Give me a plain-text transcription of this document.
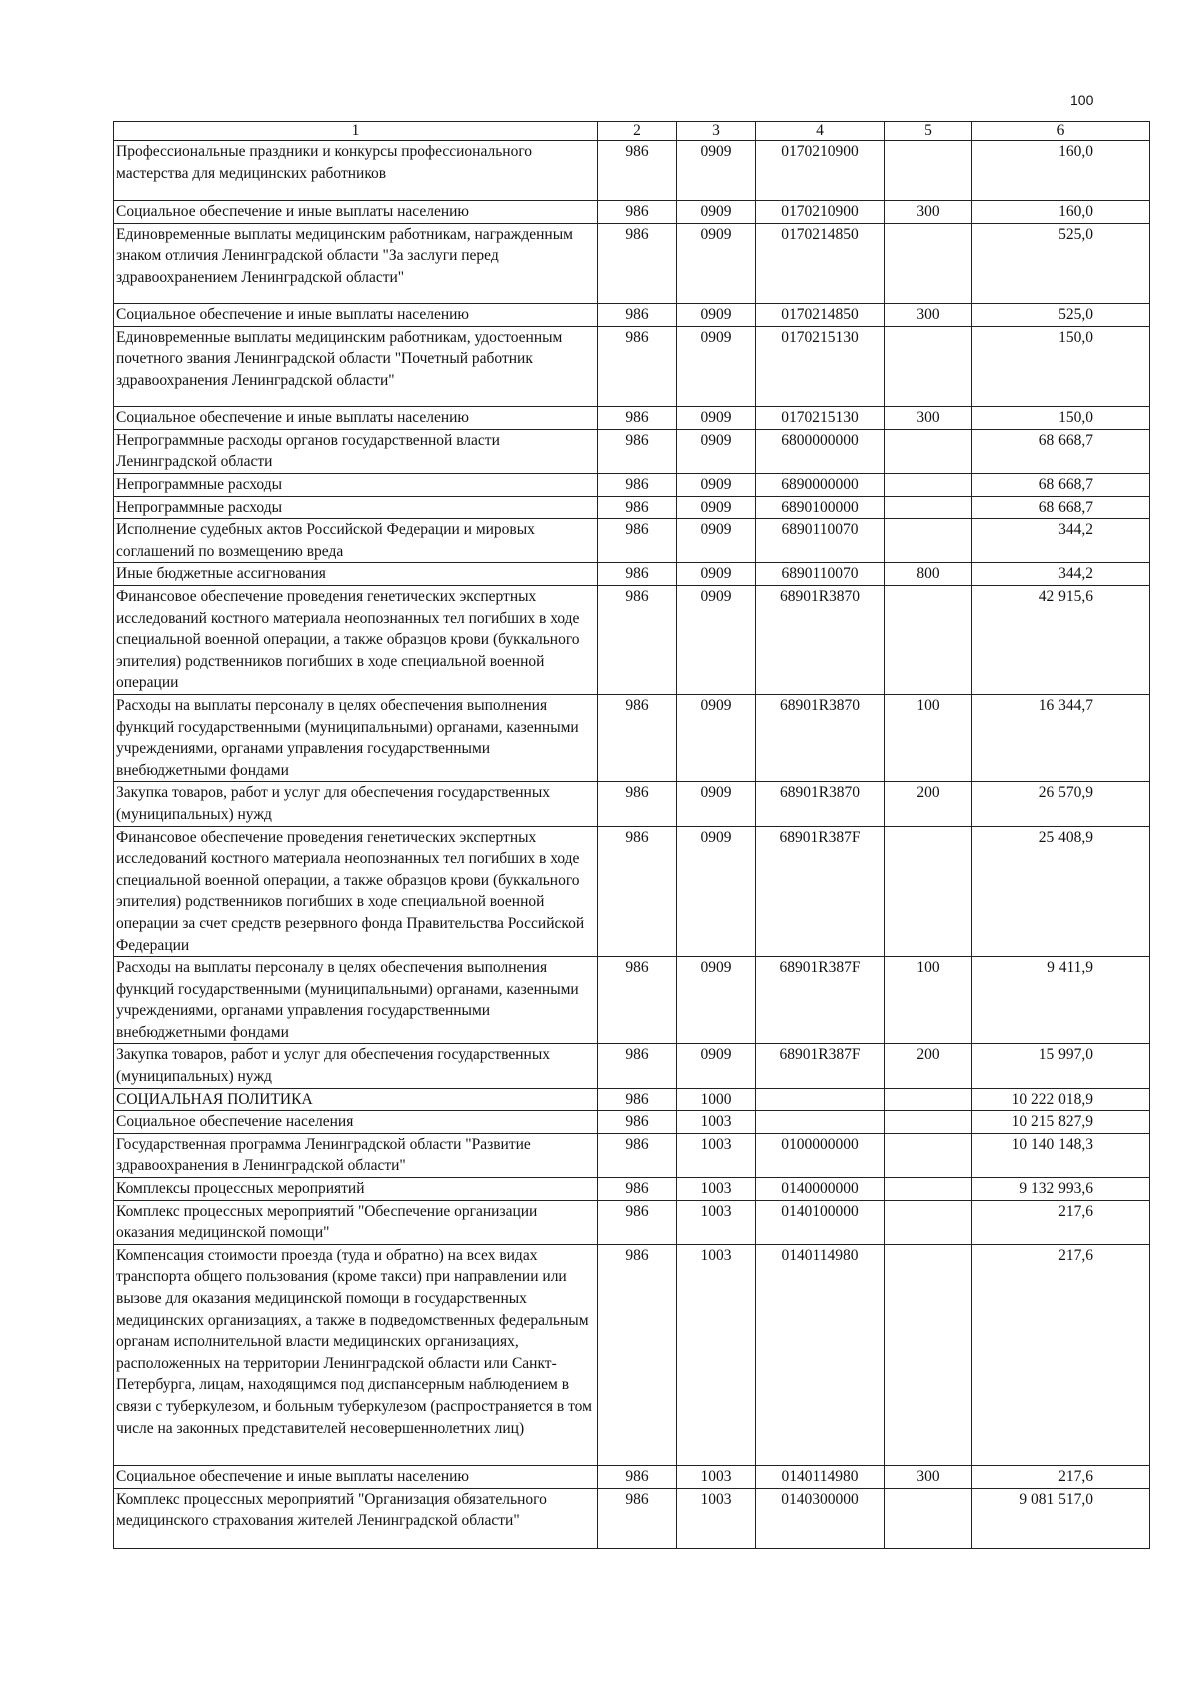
100
1	2	3	4	5	6
Профессиональные праздники и конкурсы профессионального мастерства для медицинских работников	986	0909	0170210900		160,0
Социальное обеспечение и иные выплаты населению	986	0909	0170210900	300	160,0
Единовременные выплаты медицинским работникам, награжденным знаком отличия Ленинградской области "За заслуги перед здравоохранением Ленинградской области"	986	0909	0170214850		525,0
Социальное обеспечение и иные выплаты населению	986	0909	0170214850	300	525,0
Единовременные выплаты медицинским работникам, удостоенным почетного звания Ленинградской области "Почетный работник здравоохранения Ленинградской области"	986	0909	0170215130		150,0
Социальное обеспечение и иные выплаты населению	986	0909	0170215130	300	150,0
Непрограммные расходы органов государственной власти Ленинградской области	986	0909	6800000000		68 668,7
Непрограммные расходы	986	0909	6890000000		68 668,7
Непрограммные расходы	986	0909	6890100000		68 668,7
Исполнение судебных актов Российской Федерации и мировых соглашений по возмещению вреда	986	0909	6890110070		344,2
Иные бюджетные ассигнования	986	0909	6890110070	800	344,2
Финансовое обеспечение проведения генетических экспертных исследований костного материала неопознанных тел погибших в ходе специальной военной операции, а также образцов крови (буккального эпителия) родственников погибших в ходе специальной военной операции	986	0909	68901R3870		42 915,6
Расходы на выплаты персоналу в целях обеспечения выполнения функций государственными (муниципальными) органами, казенными учреждениями, органами управления государственными внебюджетными фондами	986	0909	68901R3870	100	16 344,7
Закупка товаров, работ и услуг для обеспечения государственных (муниципальных) нужд	986	0909	68901R3870	200	26 570,9
Финансовое обеспечение проведения генетических экспертных исследований костного материала неопознанных тел погибших в ходе специальной военной операции, а также образцов крови (буккального эпителия) родственников погибших в ходе специальной военной операции за счет средств резервного фонда Правительства Российской Федерации	986	0909	68901R387F		25 408,9
Расходы на выплаты персоналу в целях обеспечения выполнения функций государственными (муниципальными) органами, казенными учреждениями, органами управления государственными внебюджетными фондами	986	0909	68901R387F	100	9 411,9
Закупка товаров, работ и услуг для обеспечения государственных (муниципальных) нужд	986	0909	68901R387F	200	15 997,0
СОЦИАЛЬНАЯ ПОЛИТИКА	986	1000			10 222 018,9
Социальное обеспечение населения	986	1003			10 215 827,9
Государственная программа Ленинградской области "Развитие здравоохранения в Ленинградской области"	986	1003	0100000000		10 140 148,3
Комплексы процессных мероприятий	986	1003	0140000000		9 132 993,6
Комплекс процессных мероприятий "Обеспечение организации оказания медицинской помощи"	986	1003	0140100000		217,6
Компенсация стоимости проезда (туда и обратно) на всех видах транспорта общего пользования (кроме такси) при направлении или вызове для оказания медицинской помощи в государственных медицинских организациях, а также в подведомственных федеральным органам исполнительной власти медицинских организациях, расположенных на территории Ленинградской области или Санкт-Петербурга, лицам, находящимся под диспансерным наблюдением в связи с туберкулезом, и больным туберкулезом (распространяется в том числе на законных представителей несовершеннолетних лиц)	986	1003	0140114980		217,6
Социальное обеспечение и иные выплаты населению	986	1003	0140114980	300	217,6
Комплекс процессных мероприятий "Организация обязательного медицинского страхования жителей Ленинградской области"	986	1003	0140300000		9 081 517,0
